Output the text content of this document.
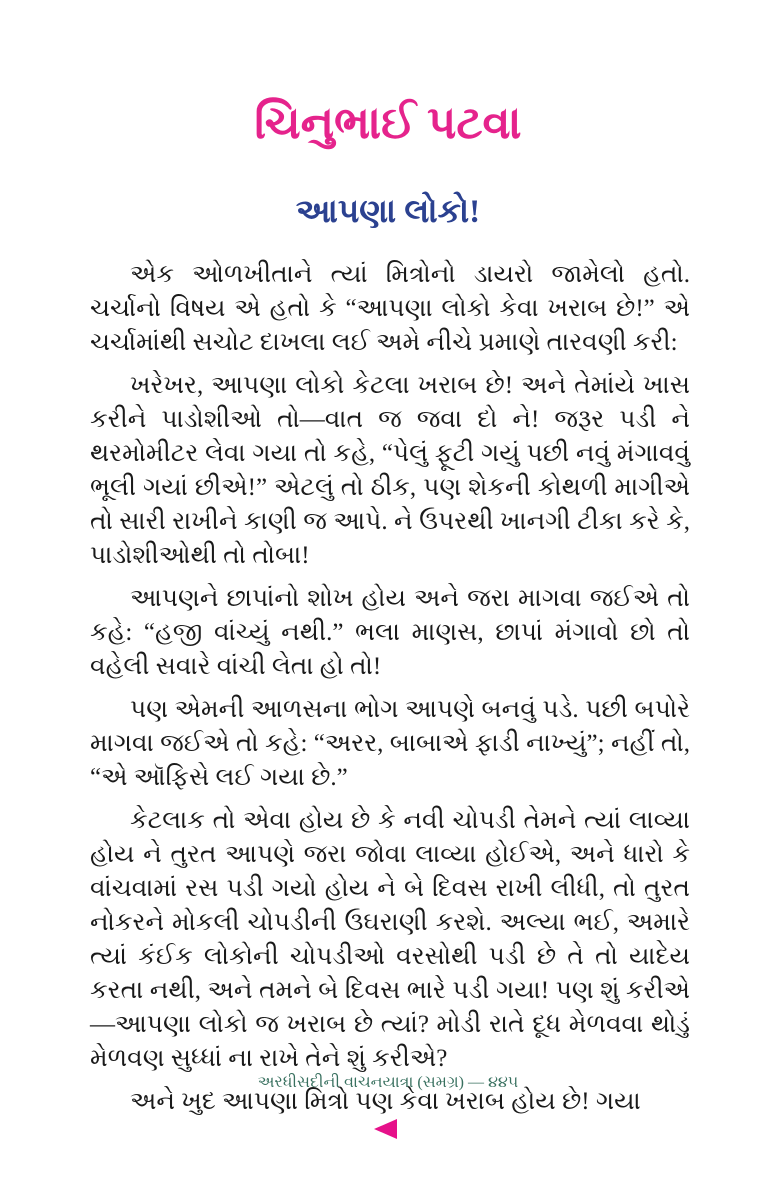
ચિનુભાઈ પટવા
આપણા લોકો!

એક ઓળખીતાને ત્યાં મિત્રોનો ડાયરો જામેલો હતો. ચર્ચાનો વિષય એ હતો કે “આપણા લોકો કેવા ખરાબ છે!” એ ચર્ચામાંથી સચોટ દાખલા લઈ અમે નીચે પ્રમાણે તારવણી કરી:

ખરેખર, આપણા લોકો કેટલા ખરાબ છે! અને તેમાંયે ખાસ કરીને પાડોશીઓ તો—વાત જ જવા દો ને! જરૂર પડી ને થરમોમીટર લેવા ગયા તો કહે, “પેલું ફૂટી ગયું પછી નવું મંગાવવું ભૂલી ગયાં છીએ!” એટલું તો ઠીક, પણ શેકની કોથળી માગીએ તો સારી રાખીને કાણી જ આપે. ને ઉપરથી ખાનગી ટીકા કરે કે, પાડોશીઓથી તો તોબા!

આપણને છાપાંનો શોખ હોય અને જરા માગવા જઈએ તો કહે: “હજી વાંચ્યું નથી.” ભલા માણસ, છાપાં મંગાવો છો તો વહેલી સવારે વાંચી લેતા હો તો!

પણ એમની આળસના ભોગ આપણે બનવું પડે. પછી બપોરે માગવા જઈએ તો કહે: “અરર, બાબાએ ફાડી નાખ્યું”; નહીં તો, “એ ઑફિસે લઈ ગયા છે.”

કેટલાક તો એવા હોય છે કે નવી ચોપડી તેમને ત્યાં લાવ્યા હોય ને તુરત આપણે જરા જોવા લાવ્યા હોઈએ, અને ધારો કે વાંચવામાં રસ પડી ગયો હોય ને બે દિવસ રાખી લીધી, તો તુરત નોકરને મોકલી ચોપડીની ઉઘરાણી કરશે. અલ્યા ભઈ, અમારે ત્યાં કંઈક લોકોની ચોપડીઓ વરસોથી પડી છે તે તો યાદેય કરતા નથી, અને તમને બે દિવસ ભારે પડી ગયા! પણ શું કરીએ—આપણા લોકો જ ખરાબ છે ત્યાં? મોડી રાતે દૂધ મેળવવા થોડું મેળવણ સુધ્ધાં ના રાખે તેને શું કરીએ?

અને ખુદ આપણા મિત્રો પણ કેવા ખરાબ હોય છે! ગયા

અરધીસદીની વાચનયાત્રા (સમગ્ર) — ૪૪૫
